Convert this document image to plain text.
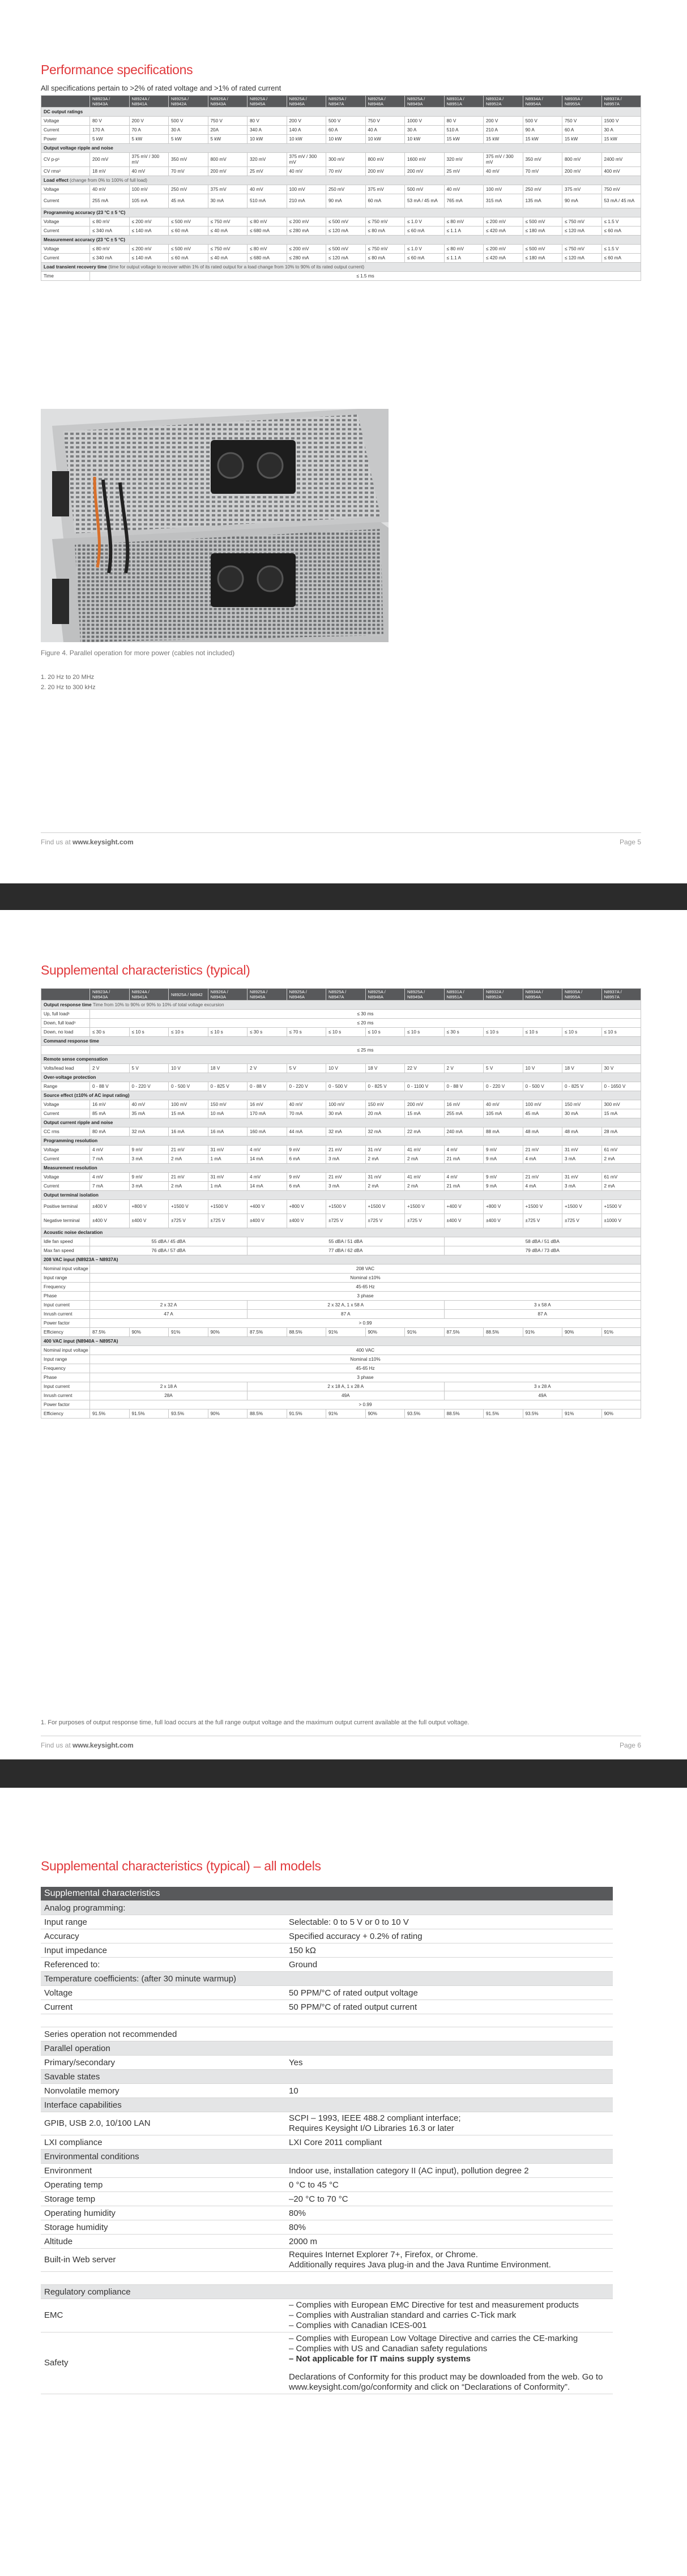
Performance specifications
All specifications pertain to >2% of rated voltage and >1% of rated current
	N8923A / N8943A	N8924A / N8941A	N8925A / N8942A	N8926A / N8943A	N8925A / N8945A	N8925A / N8946A	N8925A / N8947A	N8925A / N8948A	N8925A / N8949A	N8931A / N8951A	N8932A / N8952A	N8934A / N8954A	N8935A / N8955A	N8937A / N8957A
DC output ratings														
Voltage	80 V	200 V	500 V	750 V	80 V	200 V	500 V	750 V	1000 V	80 V	200 V	500 V	750 V	1500 V
Current	170 A	70 A	30 A	20A	340 A	140 A	60 A	40 A	30 A	510 A	210 A	90 A	60 A	30 A
Power	5 kW	5 kW	5 kW	5 kW	10 kW	10 kW	10 kW	10 kW	10 kW	15 kW	15 kW	15 kW	15 kW	15 kW
Output voltage ripple and noise														
CV p-p¹	200 mV	375 mV / 300 mV	350 mV	800 mV	320 mV	375 mV / 300 mV	300 mV	800 mV	1600 mV	320 mV	375 mV / 300 mV	350 mV	800 mV	2400 mV
CV rms²	18 mV	40 mV	70 mV	200 mV	25 mV	40 mV	70 mV	200 mV	200 mV	25 mV	40 mV	70 mV	200 mV	400 mV
Load effect (change from 0% to 100% of full load)														
Voltage	40 mV	100 mV	250 mV	375 mV	40 mV	100 mV	250 mV	375 mV	500 mV	40 mV	100 mV	250 mV	375 mV	750 mV
Current	255 mA	105 mA	45 mA	30 mA	510 mA	210 mA	90 mA	60 mA	53 mA / 45 mA	765 mA	315 mA	135 mA	90 mA	53 mA / 45 mA
Programming accuracy (23 °C ± 5 °C)														
Voltage	≤ 80 mV	≤ 200 mV	≤ 500 mV	≤ 750 mV	≤ 80 mV	≤ 200 mV	≤ 500 mV	≤ 750 mV	≤ 1.0 V	≤ 80 mV	≤ 200 mV	≤ 500 mV	≤ 750 mV	≤ 1.5 V
Current	≤ 340 mA	≤ 140 mA	≤ 60 mA	≤ 40 mA	≤ 680 mA	≤ 280 mA	≤ 120 mA	≤ 80 mA	≤ 60 mA	≤ 1.1 A	≤ 420 mA	≤ 180 mA	≤ 120 mA	≤ 60 mA
Measurement accuracy (23 °C ± 5 °C)														
Voltage	≤ 80 mV	≤ 200 mV	≤ 500 mV	≤ 750 mV	≤ 80 mV	≤ 200 mV	≤ 500 mV	≤ 750 mV	≤ 1.0 V	≤ 80 mV	≤ 200 mV	≤ 500 mV	≤ 750 mV	≤ 1.5 V
Current	≤ 340 mA	≤ 140 mA	≤ 60 mA	≤ 40 mA	≤ 680 mA	≤ 280 mA	≤ 120 mA	≤ 80 mA	≤ 60 mA	≤ 1.1 A	≤ 420 mA	≤ 180 mA	≤ 120 mA	≤ 60 mA
Load transient recovery time (time for output voltage to recover within 1% of its rated output for a load change from 10% to 90% of its rated output current)														
Time	≤ 1.5 ms													
Figure 4. Parallel operation for more power (cables not included)
1. 20 Hz to 20 MHz
2. 20 Hz to 300 kHz
Find us at www.keysight.com	Page 5
Supplemental characteristics (typical)
	N8923A / N8943A	N8924A / N8941A	N8925A / N8942	N8926A / N8943A	N8925A / N8945A	N8925A / N8946A	N8925A / N8947A	N8925A / N8948A	N8925A / N8949A	N8931A / N8951A	N8932A / N8952A	N8934A / N8954A	N8935A / N8955A	N8937A / N8957A
Output response time Time from 10% to 90% or 90% to 10% of total voltage excursion														
Up, full load¹	≤ 30 ms													
Down, full load¹	≤ 20 ms													
Down, no load	≤ 30 s	≤ 10 s	≤ 10 s	≤ 10 s	≤ 30 s	≤ 70 s	≤ 10 s	≤ 10 s	≤ 10 s	≤ 30 s	≤ 10 s	≤ 10 s	≤ 10 s	≤ 10 s
Command response time														
	≤ 25 ms													
Remote sense compensation														
Volts/lead lead	2 V	5 V	10 V	18 V	2 V	5 V	10 V	18 V	22 V	2 V	5 V	10 V	18 V	30 V
Over-voltage protection														
Range	0 - 88 V	0 - 220 V	0 - 500 V	0 - 825 V	0 - 88 V	0 - 220 V	0 - 500 V	0 - 825 V	0 - 1100 V	0 - 88 V	0 - 220 V	0 - 500 V	0 - 825 V	0 - 1650 V
Source effect (±10% of AC input rating)														
Voltage	16 mV	40 mV	100 mV	150 mV	16 mV	40 mV	100 mV	150 mV	200 mV	16 mV	40 mV	100 mV	150 mV	300 mV
Current	85 mA	35 mA	15 mA	10 mA	170 mA	70 mA	30 mA	20 mA	15 mA	255 mA	105 mA	45 mA	30 mA	15 mA
Output current ripple and noise														
CC rms	80 mA	32 mA	16 mA	16 mA	160 mA	44 mA	32 mA	32 mA	22 mA	240 mA	88 mA	48 mA	48 mA	28 mA
Programming resolution														
Voltage	4 mV	9 mV	21 mV	31 mV	4 mV	9 mV	21 mV	31 mV	41 mV	4 mV	9 mV	21 mV	31 mV	61 mV
Current	7 mA	3 mA	2 mA	1 mA	14 mA	6 mA	3 mA	2 mA	2 mA	21 mA	9 mA	4 mA	3 mA	2 mA
Measurement resolution														
Voltage	4 mV	9 mV	21 mV	31 mV	4 mV	9 mV	21 mV	31 mV	41 mV	4 mV	9 mV	21 mV	31 mV	61 mV
Current	7 mA	3 mA	2 mA	1 mA	14 mA	6 mA	3 mA	2 mA	2 mA	21 mA	9 mA	4 mA	3 mA	2 mA
Output terminal isolation														
Positive terminal	±400 V	+800 V	+1500 V	+1500 V	+400 V	+800 V	+1500 V	+1500 V	+1500 V	+400 V	+800 V	+1500 V	+1500 V	+1500 V
Negative terminal	±400 V	±400 V	±725 V	±725 V	±400 V	±400 V	±725 V	±725 V	±725 V	±400 V	±400 V	±725 V	±725 V	±1000 V
Acoustic noise declaration														
Idle fan speed	55 dBA / 45 dBA				55 dBA / 51 dBA					58 dBA / 51 dBA				
Max fan speed	76 dBA / 57 dBA				77 dBA / 62 dBA					79 dBA / 73 dBA				
208 VAC input (N8923A – N8937A)														
Nominal input voltage	208 VAC													
Input range	Nominal ±10%													
Frequency	45-65 Hz													
Phase	3 phase													
Input current	2 x 32 A				2 x 32 A, 1 x 58 A					3 x 58 A				
Inrush current	47 A				87 A					87 A				
Power factor	> 0.99													
Efficiency	87.5%	90%	91%	90%	87.5%	88.5%	91%	90%	91%	87.5%	88.5%	91%	90%	91%
400 VAC input (N8940A – N8957A)														
Nominal input voltage	400 VAC													
Input range	Nominal ±10%													
Frequency	45-65 Hz													
Phase	3 phase													
Input current	2 x 18 A				2 x 18 A, 1 x 28 A					3 x 28 A				
Inrush current	28A				49A					49A				
Power factor	> 0.99													
Efficiency	91.5%	91.5%	93.5%	90%	88.5%	91.5%	91%	90%	93.5%	88.5%	91.5%	93.5%	91%	90%
1. For purposes of output response time, full load occurs at the full range output voltage and the maximum output current available at the full output voltage.
Find us at www.keysight.com	Page 6
Supplemental characteristics (typical) – all models
Supplemental characteristics	
Analog programming:	
Input range	Selectable: 0 to 5 V or 0 to 10 V
Accuracy	Specified accuracy + 0.2% of rating
Input impedance	150 kΩ
Referenced to:	Ground
Temperature coefficients: (after 30 minute warmup)	
Voltage	50 PPM/°C of rated output voltage
Current	50 PPM/°C of rated output current

Series operation not recommended	
Parallel operation	
Primary/secondary	Yes
Savable states	
Nonvolatile memory	10
Interface capabilities	
GPIB, USB 2.0, 10/100 LAN	SCPI – 1993, IEEE 488.2 compliant interface;
Requires Keysight I/O Libraries 16.3 or later

LXI compliance	LXI Core 2011 compliant
Environmental conditions	
Environment	Indoor use, installation category II (AC input), pollution degree 2
Operating temp	0 °C to 45 °C
Storage temp	–20 °C to 70 °C
Operating humidity	80%
Storage humidity	80%
Altitude	2000 m
Built-in Web server	Requires Internet Explorer 7+, Firefox, or Chrome.
Additionally requires Java plug-in and the Java Runtime Environment.

Regulatory compliance	
EMC	– Complies with European EMC Directive for test and measurement products
– Complies with Australian standard and carries C-Tick mark
– Complies with Canadian ICES-001

Safety	– Complies with European Low Voltage Directive and carries the CE-marking
– Complies with US and Canadian safety regulations
– Not applicable for IT mains supply systems
Declarations of Conformity for this product may be downloaded from the web. Go to
www.keysight.com/go/conformity and click on “Declarations of Conformity”.
